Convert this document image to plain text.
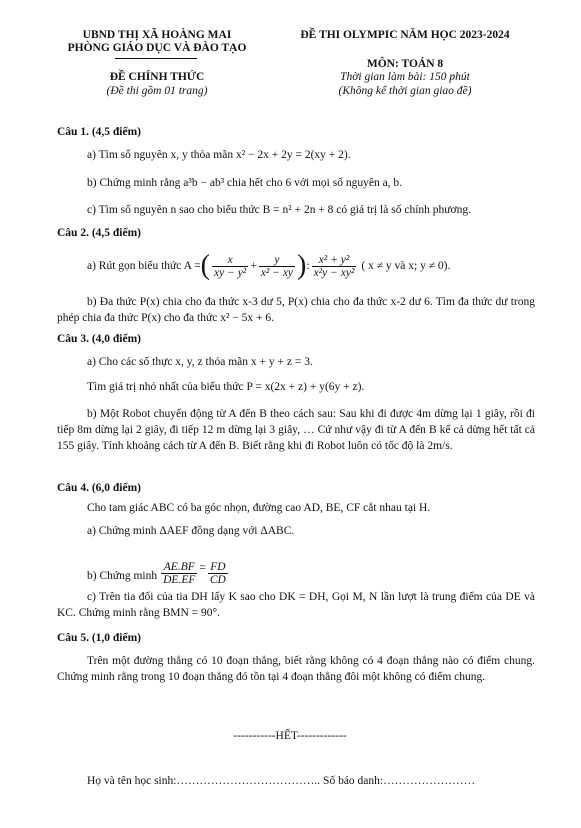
UBND THỊ XÃ HOÀNG MAI
PHÒNG GIÁO DỤC VÀ ĐÀO TẠO
ĐỀ THI OLYMPIC NĂM HỌC 2023-2024
MÔN: TOÁN 8
ĐỀ CHÍNH THỨC
(Đề thi gồm 01 trang)
Thời gian làm bài: 150 phút
(Không kể thời gian giao đề)
Câu 1. (4,5 điểm)
a) Tìm số nguyên x, y thỏa mãn x² − 2x + 2y = 2(xy + 2).
b) Chứng minh rằng a³b − ab³ chia hết cho 6 với mọi số nguyên a, b.
c) Tìm số nguyên n sao cho biểu thức B = n² + 2n + 8 có giá trị là số chính phương.
Câu 2. (4,5 điểm)
a) Rút gọn biểu thức A = ( $\frac{x}{\text{xy − y²}} + \frac{y}{\text{x² − xy}}$ ) : $\frac{\text{x² + y²}}{\text{x²y − xy²}}$ ( x ≠ y và x; y ≠ 0).
b) Đa thức P(x) chia cho đa thức x-3 dư 5, P(x) chia cho đa thức x-2 dư 6. Tìm đa thức dư trong phép chia đa thức P(x) cho đa thức x² − 5x + 6.
Câu 3. (4,0 điểm)
a) Cho các số thực x, y, z thỏa mãn x + y + z = 3.
Tìm giá trị nhỏ nhất của biểu thức P = x(2x + z) + y(6y + z).
b) Một Robot chuyển động từ A đến B theo cách sau: Sau khi đi được 4m dừng lại 1 giây, rồi đi tiếp 8m dừng lại 2 giây, đi tiếp 12 m dừng lại 3 giây, … Cứ như vậy đi từ A đến B kể cả dừng hết tất cả 155 giây. Tính khoảng cách từ A đến B. Biết rằng khi đi Robot luôn có tốc độ là 2m/s.
Câu 4. (6,0 điểm)
Cho tam giác ABC có ba góc nhọn, đường cao AD, BE, CF cắt nhau tại H.
a) Chứng minh ΔAEF đồng dạng với ΔABC.
b) Chứng minh $\frac{AE.BF}{DE.EF} = \frac{FD}{CD}$
c) Trên tia đối của tia DH lấy K sao cho DK = DH, Gọi M, N lần lượt là trung điểm của DE và KC. Chứng minh rằng BMN = 90°.
Câu 5. (1,0 điểm)
Trên một đường thẳng có 10 đoạn thẳng, biết rằng không có 4 đoạn thẳng nào có điểm chung. Chứng minh rằng trong 10 đoạn thẳng đó tồn tại 4 đoạn thẳng đôi một không có điểm chung.
-----------HẾT-------------
Họ và tên học sinh:……………………………….. Số báo danh:……………………
